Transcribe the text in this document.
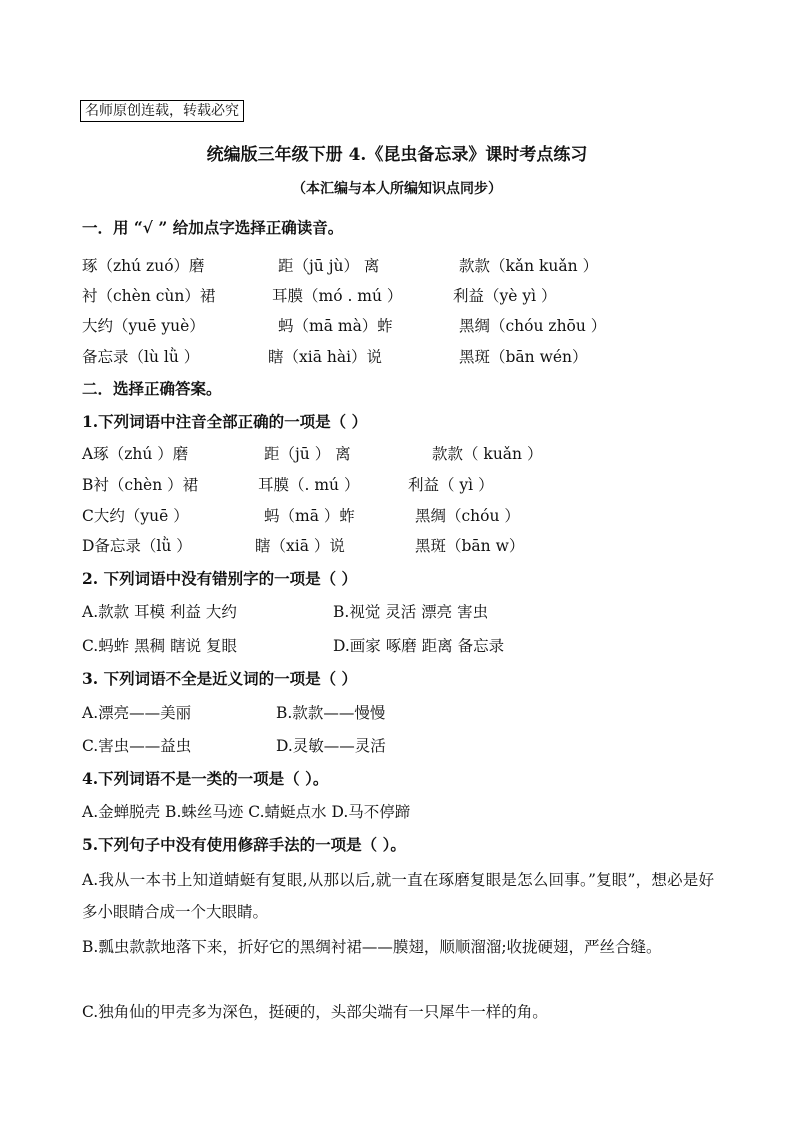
名师原创连载，转载必究
统编版三年级下册 4.《昆虫备忘录》课时考点练习
（本汇编与本人所编知识点同步）
一．用 “√ ” 给加点字选择正确读音。
琢（zhú zuó）磨	距（jū jù） 离	款款（kǎn kuǎn ）
衬（chèn cùn）裙	耳膜（mó . mú ）	利益（yè yì ）
大约（yuē yuè）	蚂（mā mà）蚱	黑绸（chóu zhōu ）
备忘录（lù lǜ ）	瞎（xiā hài）说	黑斑（bān wén）
二．选择正确答案。
1.下列词语中注音全部正确的一项是（ ）
A琢（zhú ）磨	距（jū ） 离	款款（ kuǎn ）
B衬（chèn ）裙	耳膜（. mú ）	利益（ yì ）
C大约（yuē ）	蚂（mā ）蚱	黑绸（chóu ）
D备忘录（lǜ ）	瞎（xiā ）说	黑斑（bān w）
2. 下列词语中没有错别字的一项是（ ）
A.款款 耳模 利益 大约	B.视觉 灵活 漂亮 害虫
C.蚂蚱 黑稠 瞎说 复眼	D.画家 啄磨 距离 备忘录
3. 下列词语不全是近义词的一项是（ ）
A.漂亮——美丽	B.款款——慢慢
C.害虫——益虫	D.灵敏——灵活
4.下列词语不是一类的一项是（ ）。
A.金蝉脱壳 B.蛛丝马迹 C.蜻蜓点水 D.马不停蹄
5.下列句子中没有使用修辞手法的一项是（ ）。
A.我从一本书上知道蜻蜓有复眼,从那以后,就一直在琢磨复眼是怎么回事。”复眼”，想必是好多小眼睛合成一个大眼睛。
B.瓢虫款款地落下来，折好它的黑绸衬裙——膜翅，顺顺溜溜;收拢硬翅，严丝合缝。
C.独角仙的甲壳多为深色，挺硬的，头部尖端有一只犀牛一样的角。
